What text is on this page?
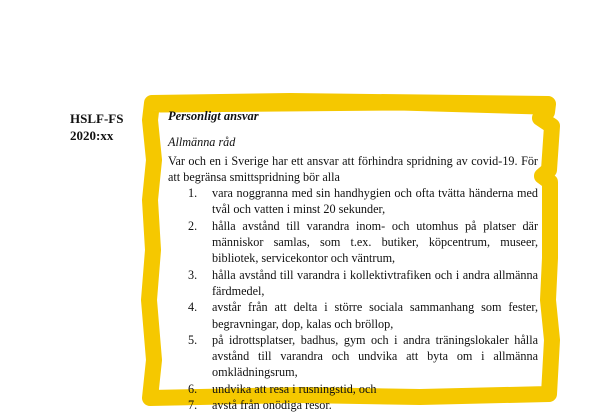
HSLF-FS
2020:xx
Personligt ansvar
Allmänna råd
Var och en i Sverige har ett ansvar att förhindra spridning av covid-19. För att begränsa smittspridning bör alla
1. vara noggranna med sin handhygien och ofta tvätta händerna med tvål och vatten i minst 20 sekunder,
2. hålla avstånd till varandra inom- och utomhus på platser där människor samlas, som t.ex. butiker, köpcentrum, museer, bibliotek, servicekontor och väntrum,
3. hålla avstånd till varandra i kollektivtrafiken och i andra allmänna färdmedel,
4. avstår från att delta i större sociala sammanhang som fester, begravningar, dop, kalas och bröllop,
5. på idrottsplatser, badhus, gym och i andra träningslokaler hålla avstånd till varandra och undvika att byta om i allmänna omklädningsrum,
6. undvika att resa i rusningstid, och
7. avstå från onödiga resor.
